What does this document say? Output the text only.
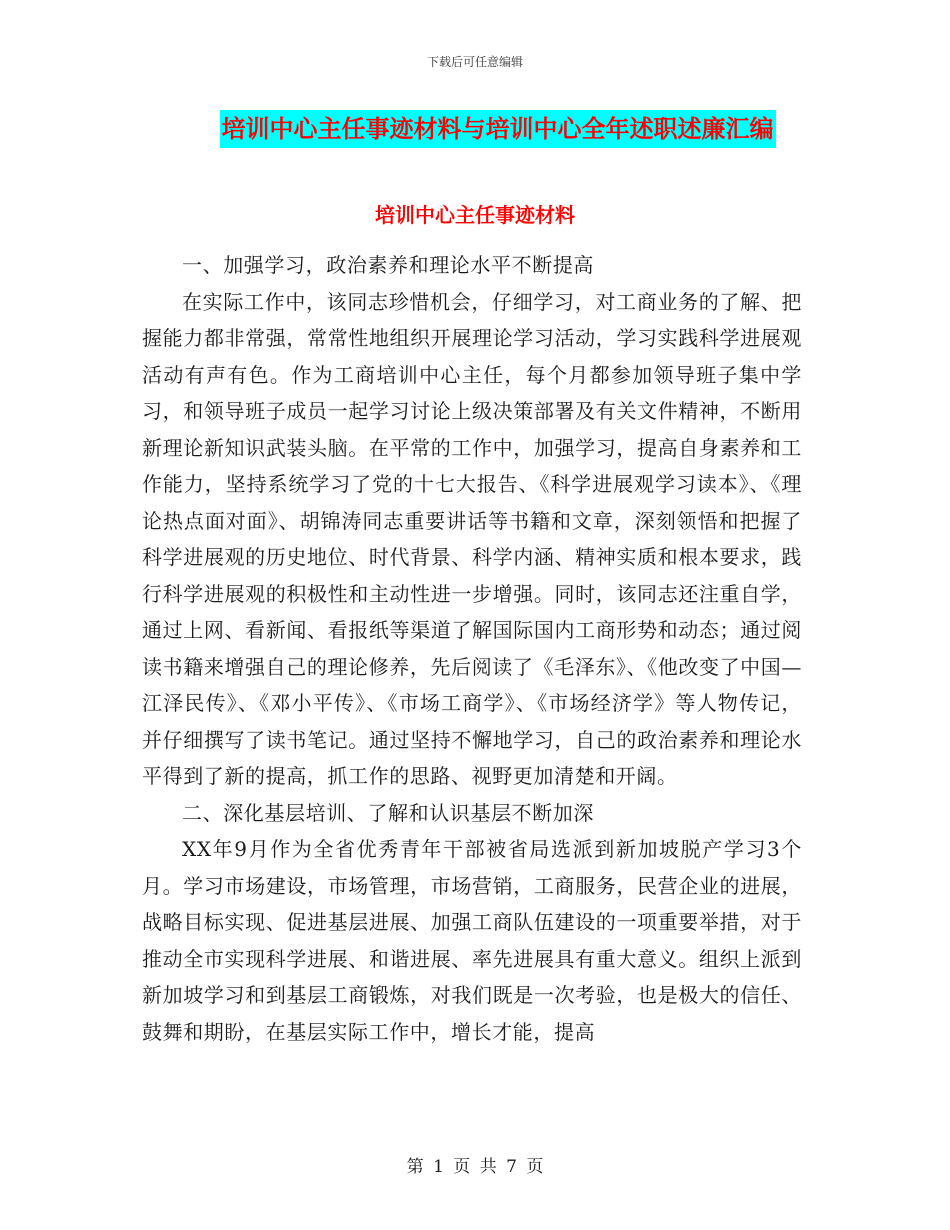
下载后可任意编辑
培训中心主任事迹材料与培训中心全年述职述廉汇编
培训中心主任事迹材料

一、加强学习，政治素养和理论水平不断提高

在实际工作中，该同志珍惜机会，仔细学习，对工商业务的了解、把握能力都非常强，常常性地组织开展理论学习活动，学习实践科学进展观活动有声有色。作为工商培训中心主任，每个月都参加领导班子集中学习，和领导班子成员一起学习讨论上级决策部署及有关文件精神，不断用新理论新知识武装头脑。在平常的工作中，加强学习，提高自身素养和工作能力，坚持系统学习了党的十七大报告、《科学进展观学习读本》、《理论热点面对面》、胡锦涛同志重要讲话等书籍和文章，深刻领悟和把握了科学进展观的历史地位、时代背景、科学内涵、精神实质和根本要求，践行科学进展观的积极性和主动性进一步增强。同时，该同志还注重自学，通过上网、看新闻、看报纸等渠道了解国际国内工商形势和动态；通过阅读书籍来增强自己的理论修养，先后阅读了《毛泽东》、《他改变了中国—江泽民传》、《邓小平传》、《市场工商学》、《市场经济学》等人物传记，并仔细撰写了读书笔记。通过坚持不懈地学习，自己的政治素养和理论水平得到了新的提高，抓工作的思路、视野更加清楚和开阔。

二、深化基层培训、了解和认识基层不断加深

XX年9月作为全省优秀青年干部被省局选派到新加坡脱产学习3个月。学习市场建设，市场管理，市场营销，工商服务，民营企业的进展，战略目标实现、促进基层进展、加强工商队伍建设的一项重要举措，对于推动全市实现科学进展、和谐进展、率先进展具有重大意义。组织上派到新加坡学习和到基层工商锻炼，对我们既是一次考验，也是极大的信任、鼓舞和期盼，在基层实际工作中，增长才能，提高

第 1 页 共 7 页
